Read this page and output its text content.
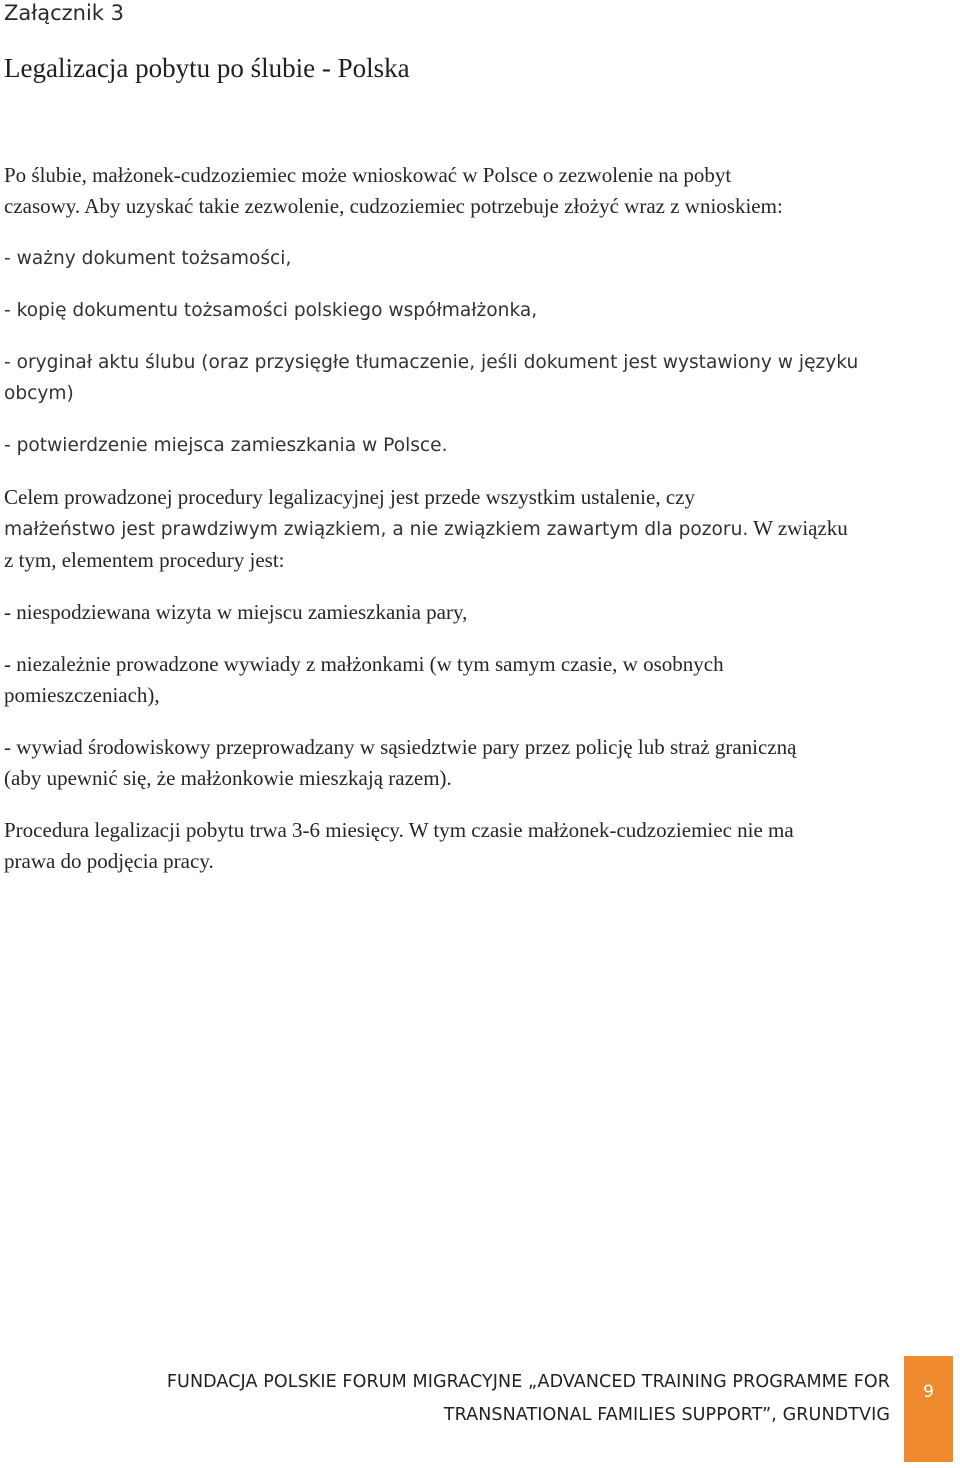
Załącznik 3
Legalizacja pobytu po ślubie - Polska

Po ślubie, małżonek-cudzoziemiec może wnioskować w Polsce o zezwolenie na pobyt

czasowy. Aby uzyskać takie zezwolenie, cudzoziemiec potrzebuje złożyć wraz z wnioskiem:

- ważny dokument tożsamości,

- kopię dokumentu tożsamości polskiego współmałżonka,

- oryginał aktu ślubu (oraz przysięgłe tłumaczenie, jeśli dokument jest wystawiony w języku

obcym)

- potwierdzenie miejsca zamieszkania w Polsce.

Celem prowadzonej procedury legalizacyjnej jest przede wszystkim ustalenie, czy

małżeństwo jest prawdziwym związkiem, a nie związkiem zawartym dla pozoru. W związku

z tym, elementem procedury jest:

- niespodziewana wizyta w miejscu zamieszkania pary,

- niezależnie prowadzone wywiady z małżonkami (w tym samym czasie, w osobnych

pomieszczeniach),

- wywiad środowiskowy przeprowadzany w sąsiedztwie pary przez policję lub straż graniczną

(aby upewnić się, że małżonkowie mieszkają razem).

Procedura legalizacji pobytu trwa 3-6 miesięcy. W tym czasie małżonek-cudzoziemiec nie ma

prawa do podjęcia pracy.

FUNDACJA POLSKIE FORUM MIGRACYJNE „ADVANCED TRAINING PROGRAMME FOR
TRANSNATIONAL FAMILIES SUPPORT”, GRUNDTVIG
9
